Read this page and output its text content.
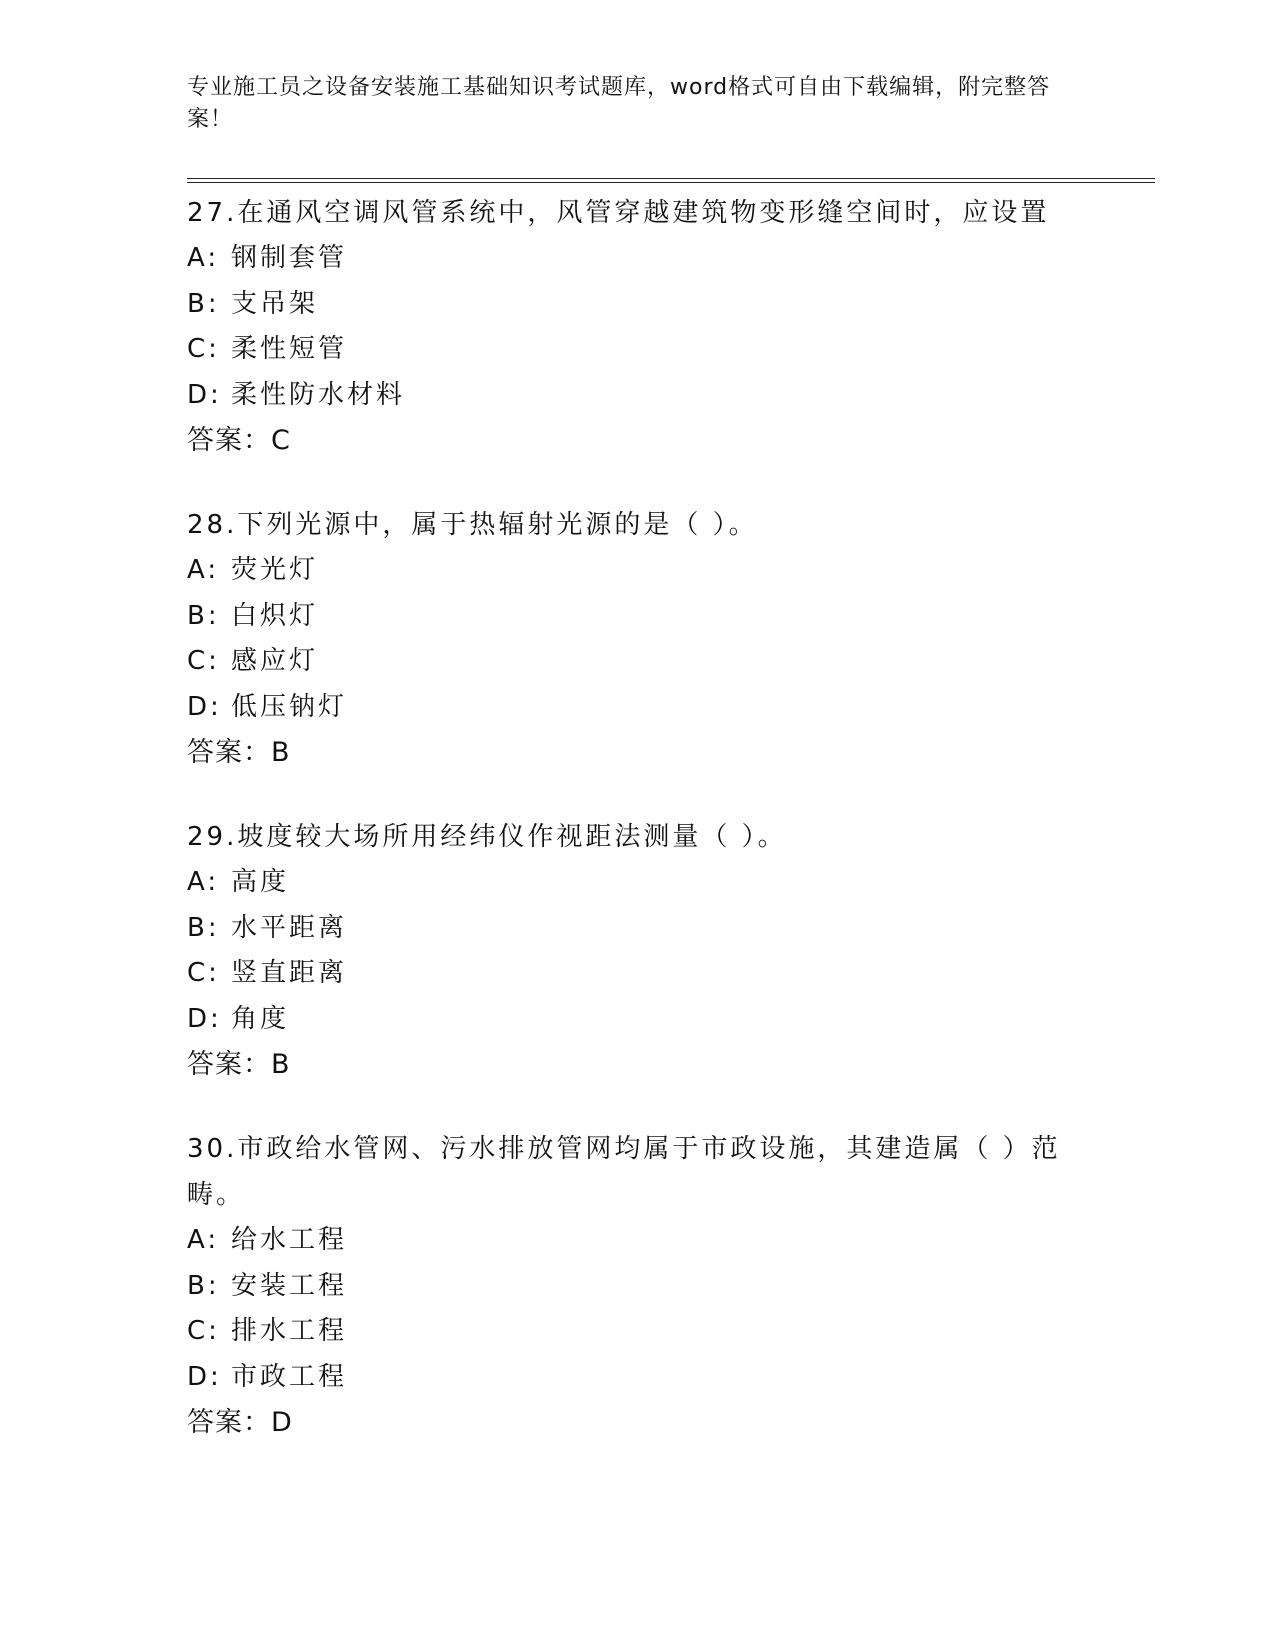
专业施工员之设备安装施工基础知识考试题库，word格式可自由下载编辑，附完整答案！

27.在通风空调风管系统中，风管穿越建筑物变形缝空间时，应设置

A: 钢制套管
B: 支吊架
C: 柔性短管
D: 柔性防水材料
答案：C

28.下列光源中，属于热辐射光源的是（ ）。

A: 荧光灯
B: 白炽灯
C: 感应灯
D: 低压钠灯
答案：B

29.坡度较大场所用经纬仪作视距法测量（ ）。

A: 高度
B: 水平距离
C: 竖直距离
D: 角度
答案：B

30.市政给水管网、污水排放管网均属于市政设施，其建造属（ ）范畴。

A: 给水工程
B: 安装工程
C: 排水工程
D: 市政工程
答案：D
